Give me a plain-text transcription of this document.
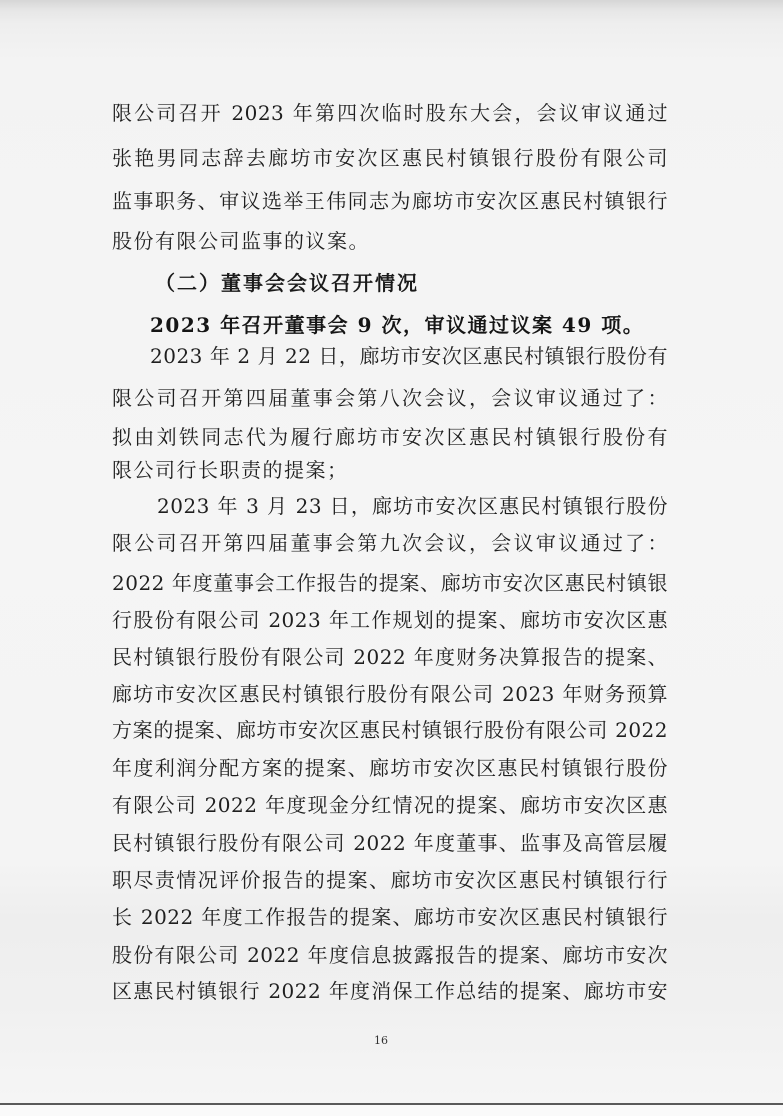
限公司召开 2023 年第四次临时股东大会，会议审议通过
张艳男同志辞去廊坊市安次区惠民村镇银行股份有限公司
监事职务、审议选举王伟同志为廊坊市安次区惠民村镇银行
股份有限公司监事的议案。
（二）董事会会议召开情况
2023 年召开董事会 9 次，审议通过议案 49 项。
2023 年 2 月 22 日，廊坊市安次区惠民村镇银行股份有
限公司召开第四届董事会第八次会议，会议审议通过了：
拟由刘铁同志代为履行廊坊市安次区惠民村镇银行股份有
限公司行长职责的提案；
2023 年 3 月 23 日，廊坊市安次区惠民村镇银行股份
限公司召开第四届董事会第九次会议，会议审议通过了：
2022 年度董事会工作报告的提案、廊坊市安次区惠民村镇银
行股份有限公司 2023 年工作规划的提案、廊坊市安次区惠
民村镇银行股份有限公司 2022 年度财务决算报告的提案、
廊坊市安次区惠民村镇银行股份有限公司 2023 年财务预算
方案的提案、廊坊市安次区惠民村镇银行股份有限公司 2022
年度利润分配方案的提案、廊坊市安次区惠民村镇银行股份
有限公司 2022 年度现金分红情况的提案、廊坊市安次区惠
民村镇银行股份有限公司 2022 年度董事、监事及高管层履
职尽责情况评价报告的提案、廊坊市安次区惠民村镇银行行
长 2022 年度工作报告的提案、廊坊市安次区惠民村镇银行
股份有限公司 2022 年度信息披露报告的提案、廊坊市安次
区惠民村镇银行 2022 年度消保工作总结的提案、廊坊市安
16
